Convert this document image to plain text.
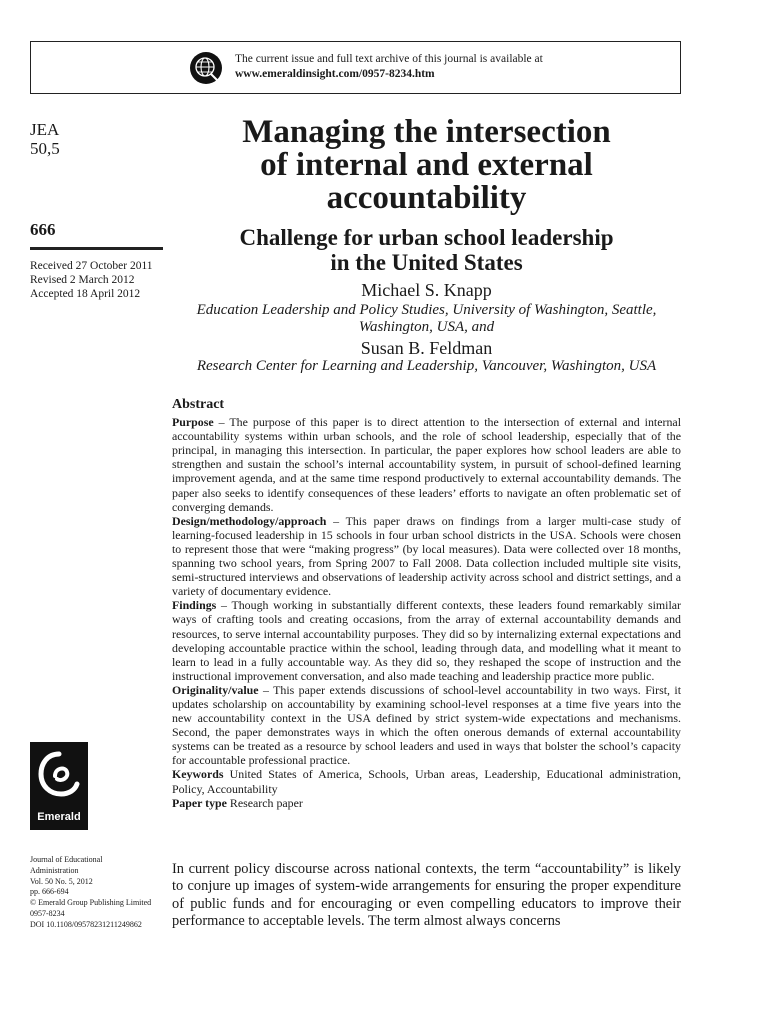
The current issue and full text archive of this journal is available at
www.emeraldinsight.com/0957-8234.htm
JEA
50,5
666
Received 27 October 2011
Revised 2 March 2012
Accepted 18 April 2012
Managing the intersection
of internal and external
accountability
Challenge for urban school leadership
in the United States
Michael S. Knapp
Education Leadership and Policy Studies, University of Washington, Seattle,
Washington, USA, and
Susan B. Feldman
Research Center for Learning and Leadership, Vancouver, Washington, USA
Abstract

Purpose – The purpose of this paper is to direct attention to the intersection of external and internal accountability systems within urban schools, and the role of school leadership, especially that of the principal, in managing this intersection. In particular, the paper explores how school leaders are able to strengthen and sustain the school’s internal accountability system, in pursuit of school-defined learning improvement agenda, and at the same time respond productively to external accountability demands. The paper also seeks to identify consequences of these leaders’ efforts to navigate an often problematic set of converging demands.

Design/methodology/approach – This paper draws on findings from a larger multi-case study of learning-focused leadership in 15 schools in four urban school districts in the USA. Schools were chosen to represent those that were “making progress” (by local measures). Data were collected over 18 months, spanning two school years, from Spring 2007 to Fall 2008. Data collection included multiple site visits, semi-structured interviews and observations of leadership activity across school and district settings, and a variety of documentary evidence.

Findings – Though working in substantially different contexts, these leaders found remarkably similar ways of crafting tools and creating occasions, from the array of external accountability demands and resources, to serve internal accountability purposes. They did so by internalizing external expectations and developing accountable practice within the school, leading through data, and modelling what it meant to learn to lead in a fully accountable way. As they did so, they reshaped the scope of instruction and the instructional improvement conversation, and also made teaching and leadership practice more public.

Originality/value – This paper extends discussions of school-level accountability in two ways. First, it updates scholarship on accountability by examining school-level responses at a time five years into the new accountability context in the USA defined by strict system-wide expectations and mechanisms. Second, the paper demonstrates ways in which the often onerous demands of external accountability systems can be treated as a resource by school leaders and used in ways that bolster the school’s capacity for accountable professional practice.

Keywords United States of America, Schools, Urban areas, Leadership, Educational administration, Policy, Accountability

Paper type Research paper

Emerald
Journal of Educational
Administration
Vol. 50 No. 5, 2012
pp. 666-694
© Emerald Group Publishing Limited
0957-8234
DOI 10.1108/09578231211249862
In current policy discourse across national contexts, the term “accountability” is likely to conjure up images of system-wide arrangements for ensuring the proper expenditure of public funds and for encouraging or even compelling educators to improve their performance to acceptable levels. The term almost always concerns
